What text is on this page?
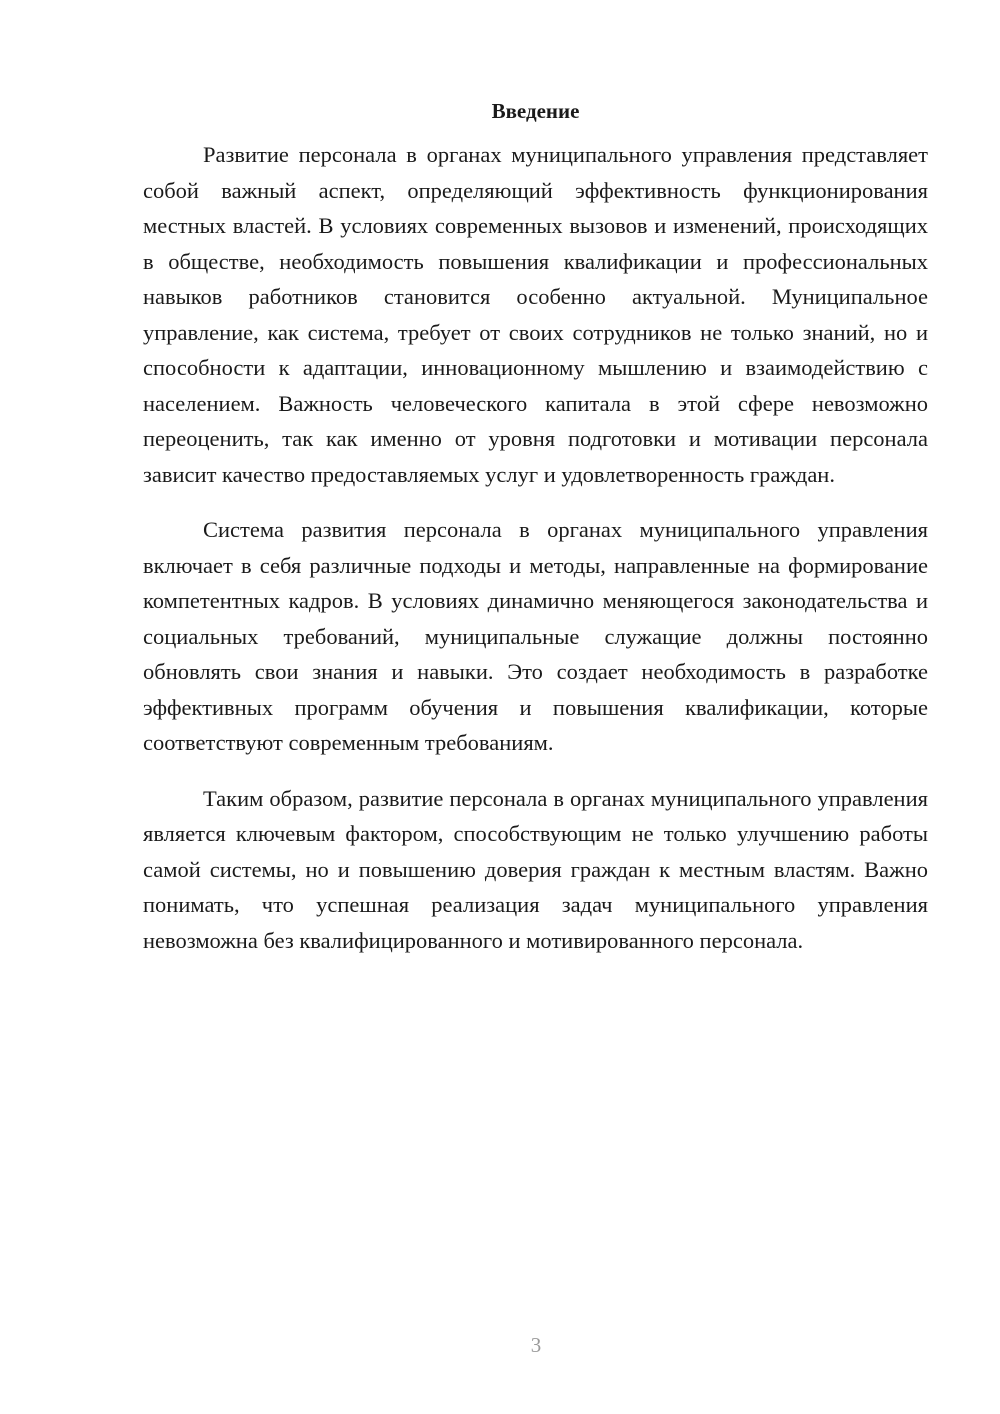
Введение

Развитие персонала в органах муниципального управления представляет собой важный аспект, определяющий эффективность функционирования местных властей. В условиях современных вызовов и изменений, происходящих в обществе, необходимость повышения квалификации и профессиональных навыков работников становится особенно актуальной. Муниципальное управление, как система, требует от своих сотрудников не только знаний, но и способности к адаптации, инновационному мышлению и взаимодействию с населением. Важность человеческого капитала в этой сфере невозможно переоценить, так как именно от уровня подготовки и мотивации персонала зависит качество предоставляемых услуг и удовлетворенность граждан.

Система развития персонала в органах муниципального управления включает в себя различные подходы и методы, направленные на формирование компетентных кадров. В условиях динамично меняющегося законодательства и социальных требований, муниципальные служащие должны постоянно обновлять свои знания и навыки. Это создает необходимость в разработке эффективных программ обучения и повышения квалификации, которые соответствуют современным требованиям.

Таким образом, развитие персонала в органах муниципального управления является ключевым фактором, способствующим не только улучшению работы самой системы, но и повышению доверия граждан к местным властям. Важно понимать, что успешная реализация задач муниципального управления невозможна без квалифицированного и мотивированного персонала.

3
